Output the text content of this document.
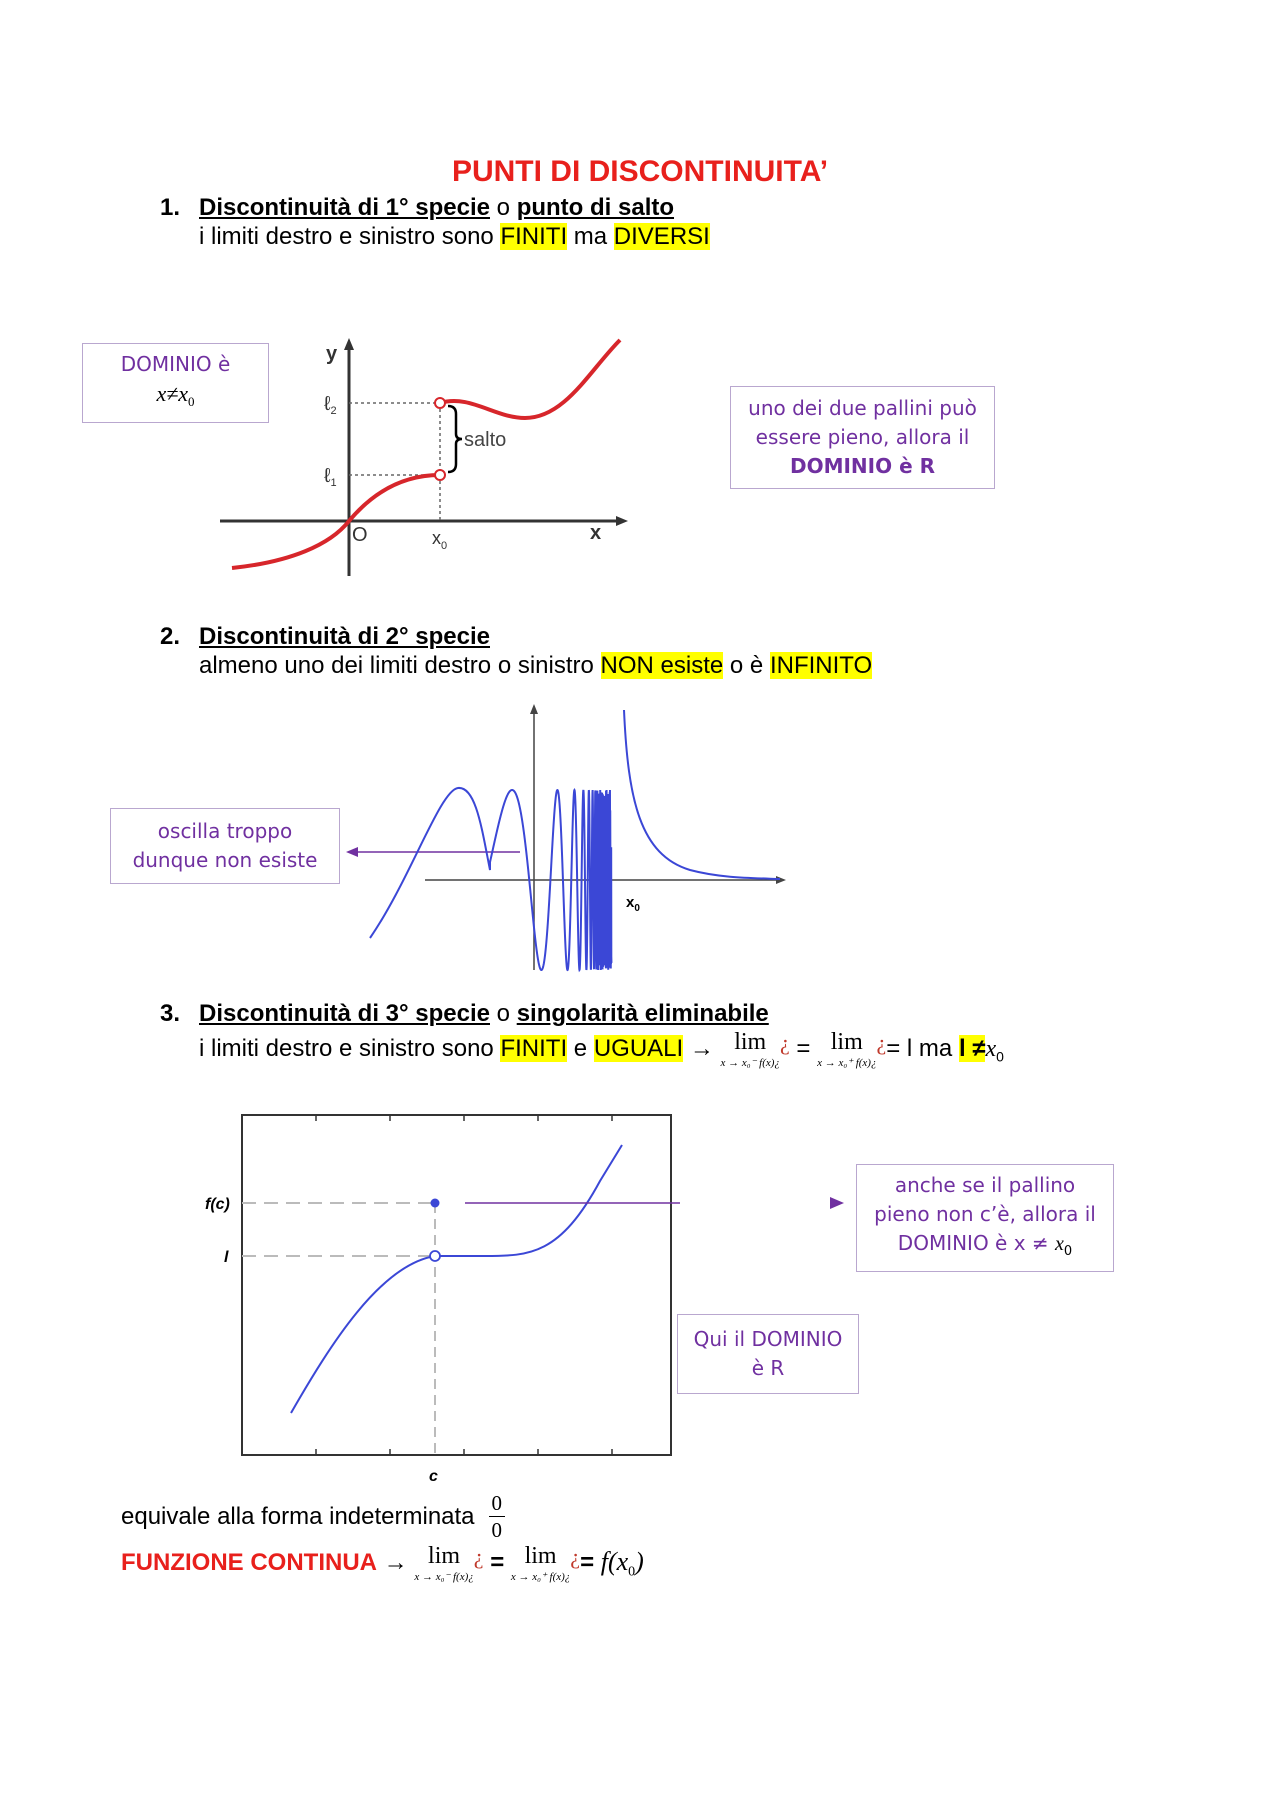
PUNTI DI DISCONTINUITA’
1. Discontinuità di 1° specie o punto di salto
i limiti destro e sinistro sono FINITI ma DIVERSI
DOMINIO è
$x\ne x_0$
salto
y
x
O	$x_0$
ℓ$_2$
ℓ$_1$
uno dei due pallini può
essere pieno, allora il
DOMINIO è R
2. Discontinuità di 2° specie
almeno uno dei limiti destro o sinistro NON esiste o è INFINITO
oscilla troppo
dunque non esiste
$x_0$
3. Discontinuità di 3° specie o singolarità eliminabile
i limiti destro e sinistro sono FINITI e UGUALI → lim
x → x₀⁻ f(x)¿
¿ = lim
x → x₀⁺ f(x)¿
¿= l ma $l \ne x_0$
f(c)
l
c
anche se il pallino
pieno non c’è, allora il
DOMINIO è $x \ne x_0$
Qui il DOMINIO
è R
equivale alla forma indeterminata $\frac{0}{0}$
FUNZIONE CONTINUA → lim
x → x₀⁻ f(x)¿
¿ = lim
x → x₀⁺ f(x)¿
¿= $f(x_0)$
